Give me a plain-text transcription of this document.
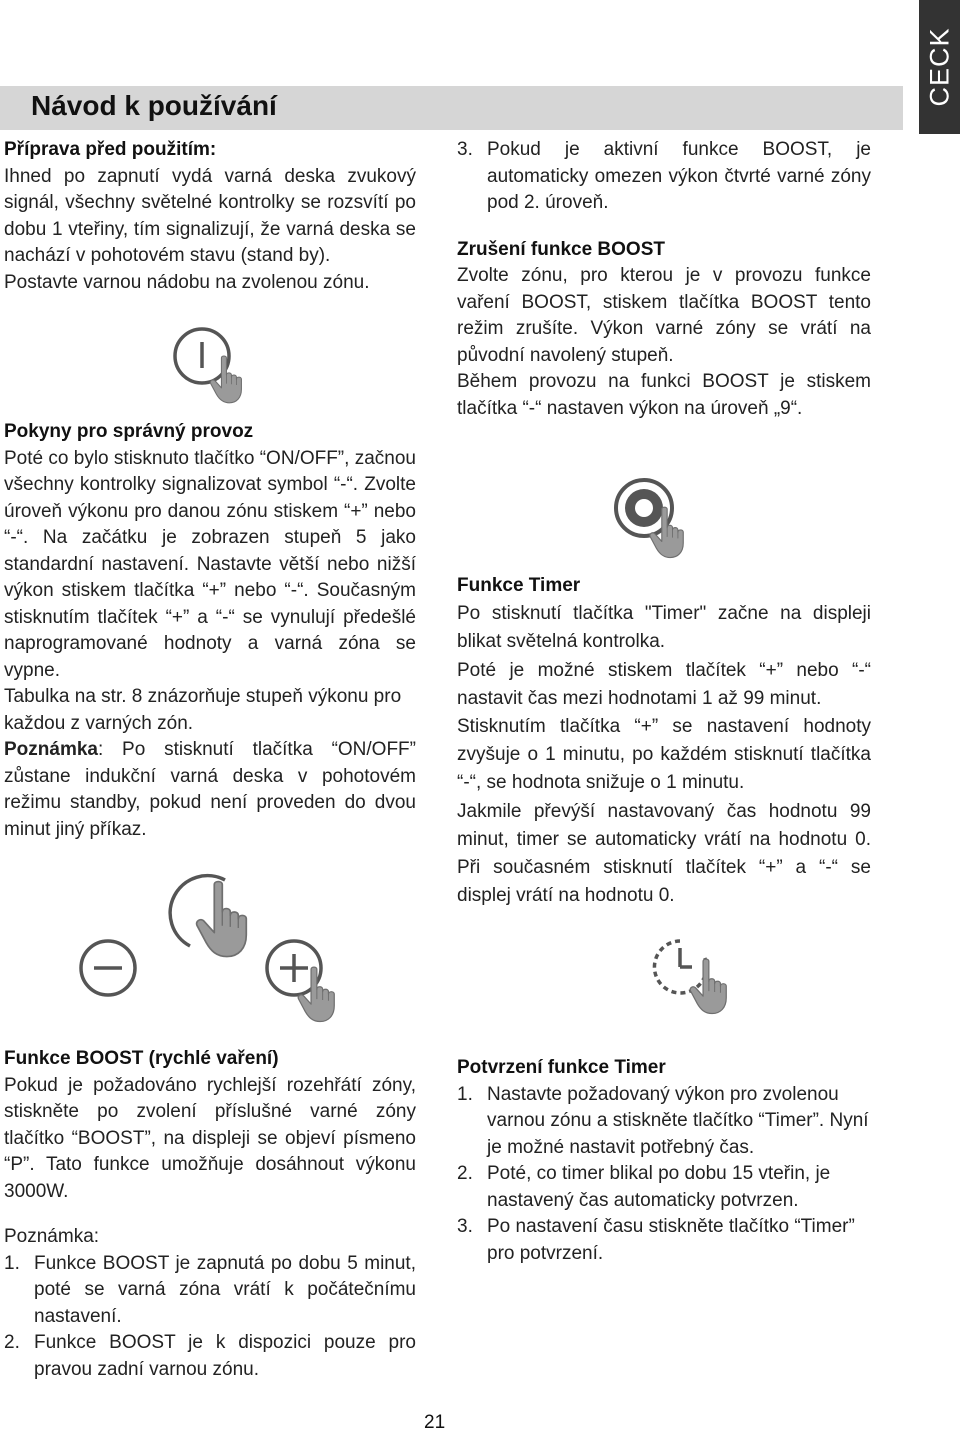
CECK
Návod k používání

Příprava před použitím:

Ihned po zapnutí vydá varná deska zvukový signál, všechny světelné kontrolky se rozsvítí po dobu 1 vteřiny, tím signalizují, že varná deska se nachází v pohotovém stavu (stand by).

Postavte varnou nádobu na zvolenou zónu.

Pokyny pro správný provoz

Poté co bylo stisknuto tlačítko “ON/OFF”, začnou všechny kontrolky signalizovat symbol “-“. Zvolte úroveň výkonu pro danou zónu stiskem “+” nebo “-“. Na začátku je zobrazen stupeň 5 jako standardní nastavení. Nastavte větší nebo nižší výkon stiskem tlačítka “+” nebo “-“. Současným stisknutím tlačítek “+” a “-“ se vynulují předešlé naprogramované hodnoty a varná zóna se vypne.

Tabulka na str. 8 znázorňuje stupeň výkonu pro každou z varných zón.

Poznámka: Po stisknutí tlačítka “ON/OFF” zůstane indukční varná deska v pohotovém režimu standby, pokud není proveden do dvou minut jiný příkaz.

Funkce BOOST (rychlé vaření)

Pokud je požadováno rychlejší rozehřátí zóny, stiskněte po zvolení příslušné varné zóny tlačítko “BOOST”, na displeji se objeví písmeno “P”. Tato funkce umožňuje dosáhnout výkonu 3000W.

Poznámka:

1. Funkce BOOST je zapnutá po dobu 5 minut, poté se varná zóna vrátí k počátečnímu nastavení.
2. Funkce BOOST je k dispozici pouze pro pravou zadní varnou zónu.
3. Pokud je aktivní funkce BOOST, je automaticky omezen výkon čtvrté varné zóny pod 2. úroveň.

Zrušení funkce BOOST

Zvolte zónu, pro kterou je v provozu funkce vaření BOOST, stiskem tlačítka BOOST tento režim zrušíte. Výkon varné zóny se vrátí na původní navolený stupeň.

Během provozu na funkci BOOST je stiskem tlačítka “-“ nastaven výkon na úroveň „9“.

Funkce Timer

Po stisknutí tlačítka "Timer" začne na displeji blikat světelná kontrolka.

Poté je možné stiskem tlačítek “+” nebo “-“ nastavit čas mezi hodnotami 1 až 99 minut.

Stisknutím tlačítka “+” se nastavení hodnoty zvyšuje o 1 minutu, po každém stisknutí tlačítka “-“, se hodnota snižuje o 1 minutu.

Jakmile převýší nastavovaný čas hodnotu 99 minut, timer se automaticky vrátí na hodnotu 0. Při současném stisknutí tlačítek “+” a “-“ se displej vrátí na hodnotu 0.

Potvrzení funkce Timer

1. Nastavte požadovaný výkon pro zvolenou varnou zónu a stiskněte tlačítko “Timer”. Nyní je možné nastavit potřebný čas.
2. Poté, co timer blikal po dobu 15 vteřin, je nastavený čas automaticky potvrzen.
3. Po nastavení času stiskněte tlačítko “Timer” pro potvrzení.
21
